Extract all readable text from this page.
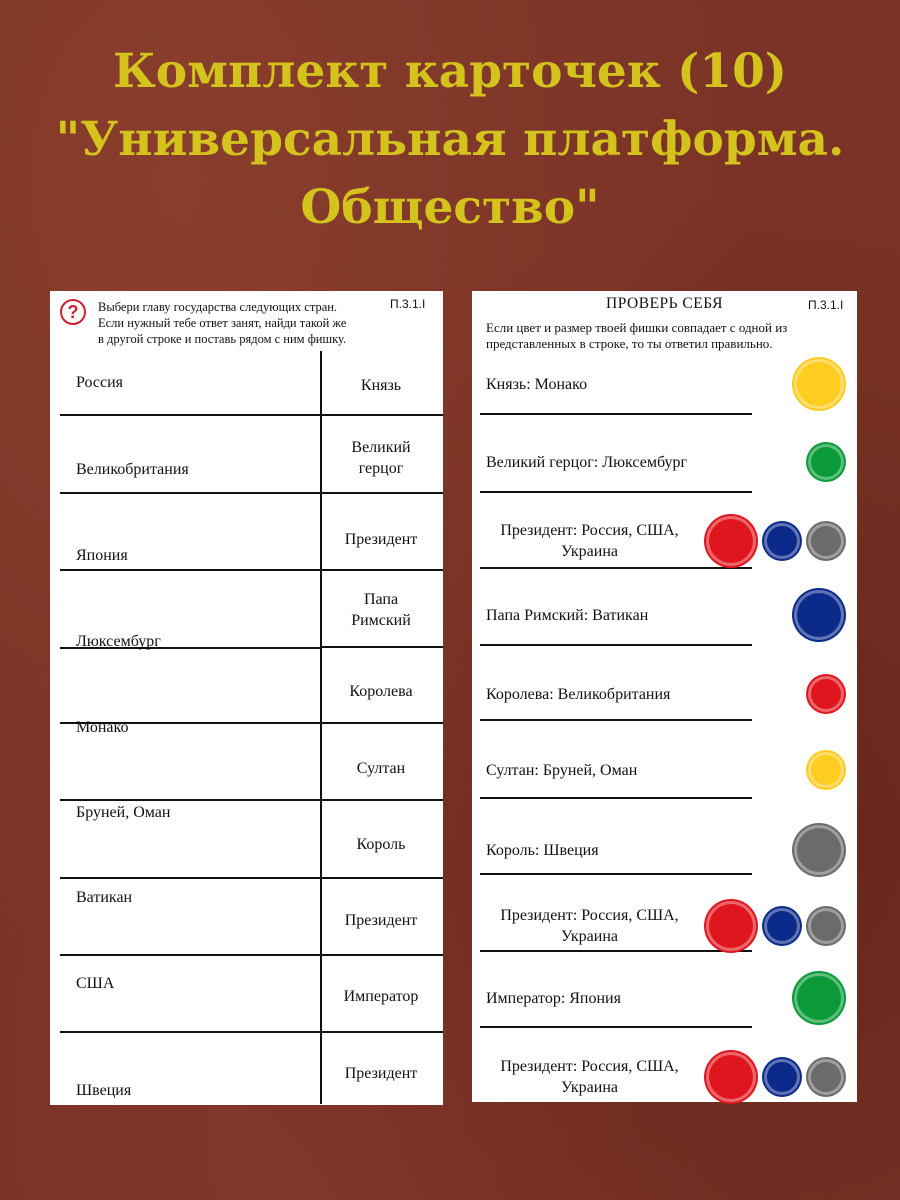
Комплект карточек (10)
"Универсальная платформа.
Общество"
?	Выбери главу государства следующих стран.
Если нужный тебе ответ занят, найди такой же
в другой строке и поставь рядом с ним фишку.
П.3.1.I
Россия
Великобритания
Япония
Люксембург
Монако
Бруней, Оман
Ватикан
США
Швеция
Князь
Великий
герцог
Президент
Папа
Римский
Королева
Султан
Король
Президент
Император
Президент
ПРОВЕРЬ СЕБЯ	П.3.1.I
Если цвет и размер твоей фишки совпадает с одной из
представленных в строке, то ты ответил правильно.
Князь: Монако
Великий герцог: Люксембург
Президент: Россия, США,
Украина
Папа Римский: Ватикан
Королева: Великобритания
Султан: Бруней, Оман
Король: Швеция
Президент: Россия, США,
Украина
Император: Япония
Президент: Россия, США,
Украина
